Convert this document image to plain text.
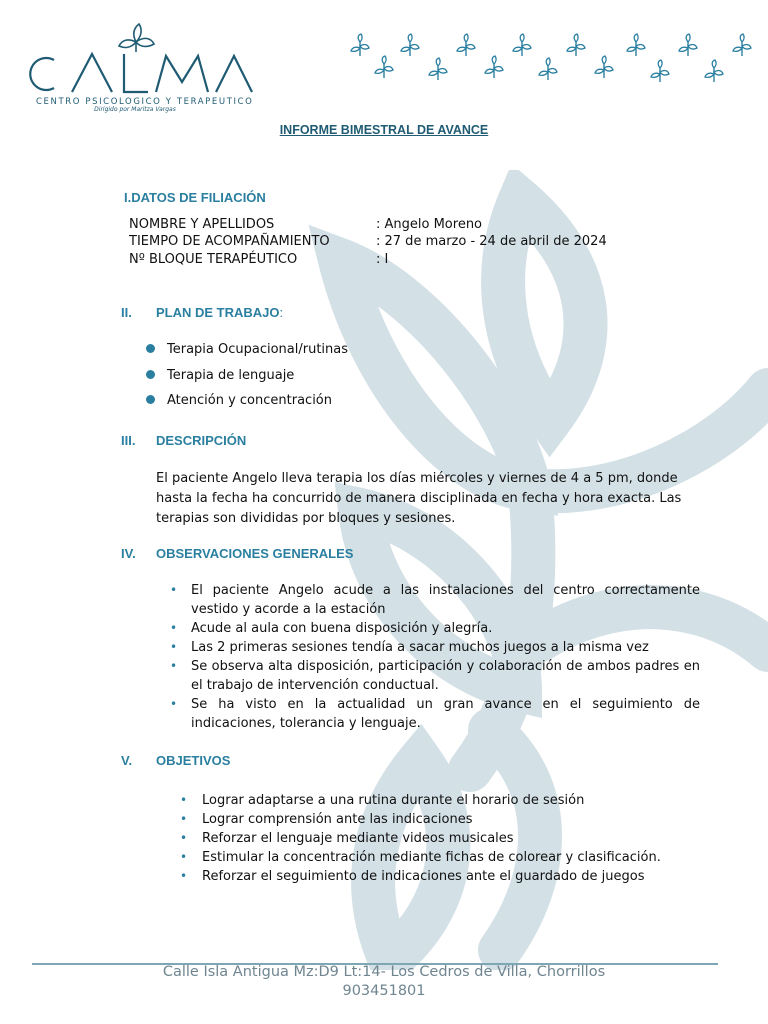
CENTRO PSICOLOGICO Y TERAPEUTICO
Dirigido por Maritza Vargas
INFORME BIMESTRAL DE AVANCE
I.DATOS DE FILIACIÓN
NOMBRE Y APELLIDOS	: Angelo Moreno
TIEMPO DE ACOMPAÑAMIENTO	: 27 de marzo - 24 de abril de 2024
Nº BLOQUE TERAPÉUTICO	: I
II. PLAN DE TRABAJO:
Terapia Ocupacional/rutinas
Terapia de lenguaje
Atención y concentración
III. DESCRIPCIÓN
El paciente Angelo lleva terapia los días miércoles y viernes de 4 a 5 pm, donde hasta la fecha ha concurrido de manera disciplinada en fecha y hora exacta. Las terapias son divididas por bloques y sesiones.
IV. OBSERVACIONES GENERALES
• El paciente Angelo acude a las instalaciones del centro correctamente vestido y acorde a la estación
• Acude al aula con buena disposición y alegría.
• Las 2 primeras sesiones tendía a sacar muchos juegos a la misma vez
• Se observa alta disposición, participación y colaboración de ambos padres en el trabajo de intervención conductual.
• Se ha visto en la actualidad un gran avance en el seguimiento de indicaciones, tolerancia y lenguaje.
V. OBJETIVOS
• Lograr adaptarse a una rutina durante el horario de sesión
• Lograr comprensión ante las indicaciones
• Reforzar el lenguaje mediante videos musicales
• Estimular la concentración mediante fichas de colorear y clasificación.
• Reforzar el seguimiento de indicaciones ante el guardado de juegos
Calle Isla Antigua Mz:D9 Lt:14- Los Cedros de Villa, Chorrillos
903451801
